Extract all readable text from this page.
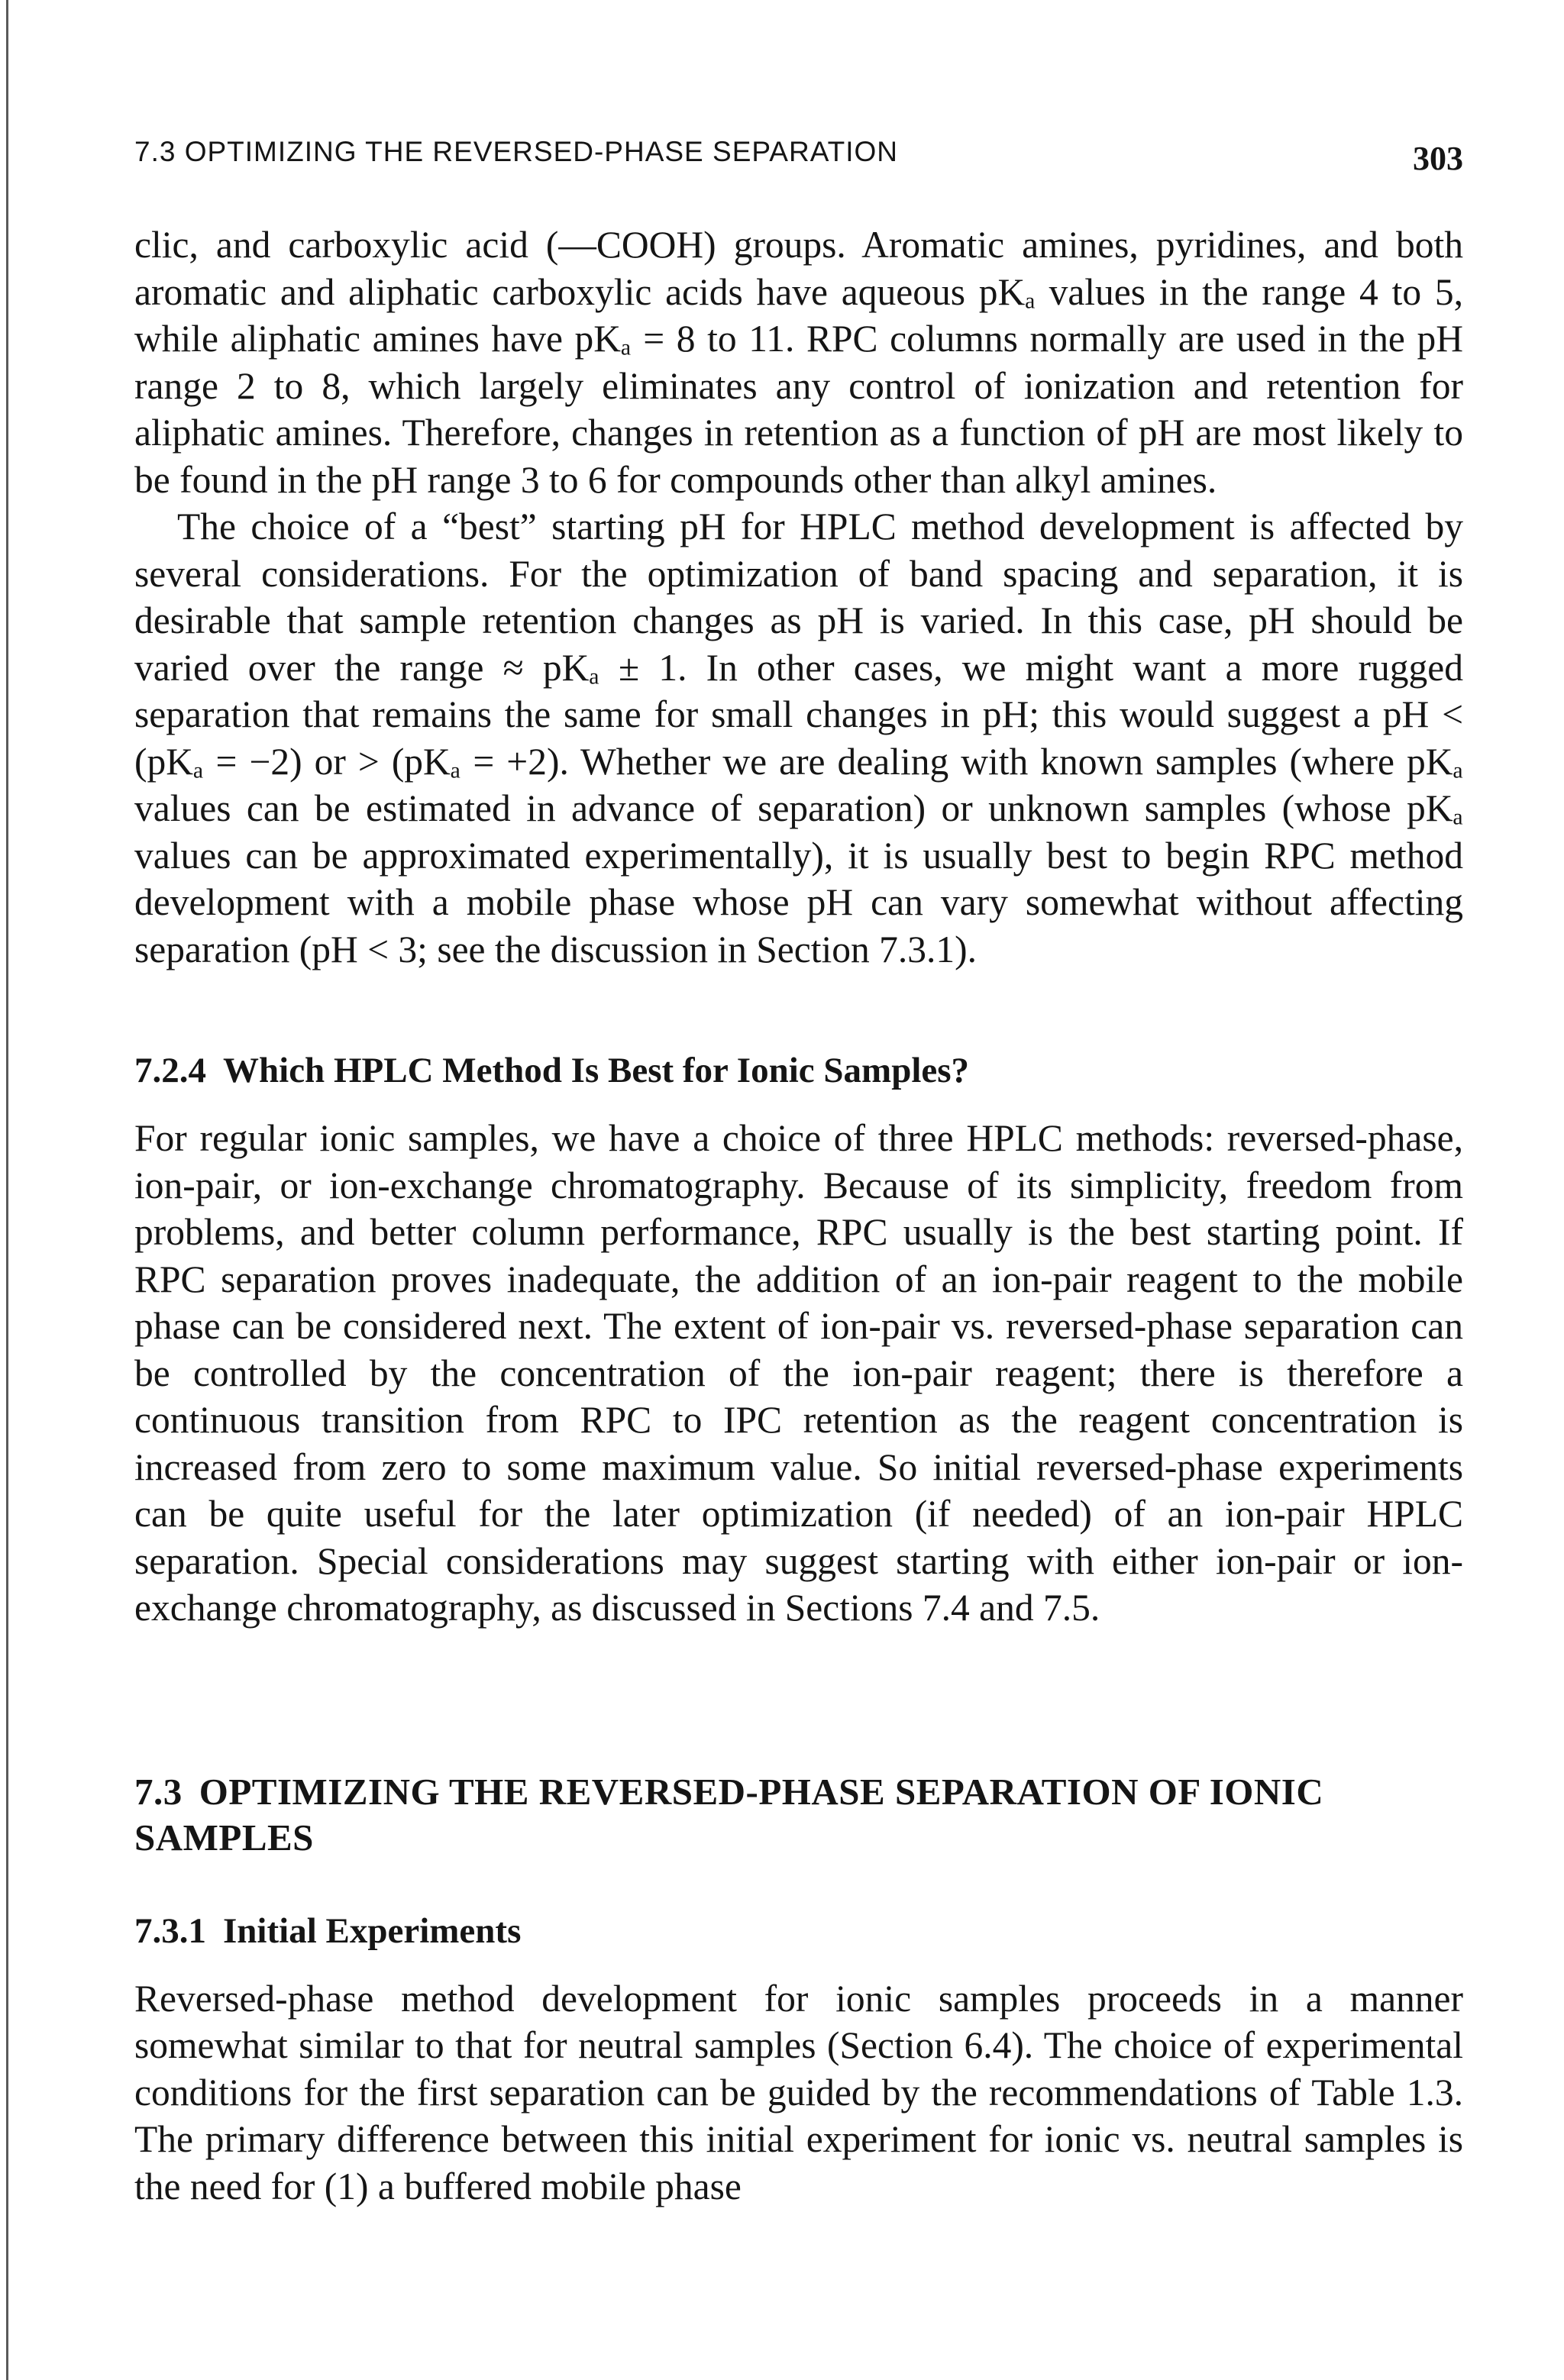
7.3 OPTIMIZING THE REVERSED-PHASE SEPARATION	303

clic, and carboxylic acid (—COOH) groups. Aromatic amines, pyridines, and both aromatic and aliphatic carboxylic acids have aqueous pKₐ values in the range 4 to 5, while aliphatic amines have pKₐ = 8 to 11. RPC columns normally are used in the pH range 2 to 8, which largely eliminates any control of ionization and retention for aliphatic amines. Therefore, changes in retention as a function of pH are most likely to be found in the pH range 3 to 6 for compounds other than alkyl amines.

The choice of a “best” starting pH for HPLC method development is affected by several considerations. For the optimization of band spacing and separation, it is desirable that sample retention changes as pH is varied. In this case, pH should be varied over the range ≈ pKₐ ± 1. In other cases, we might want a more rugged separation that remains the same for small changes in pH; this would suggest a pH < (pKₐ = −2) or > (pKₐ = +2). Whether we are dealing with known samples (where pKₐ values can be estimated in advance of separation) or unknown samples (whose pKₐ values can be approximated experimentally), it is usually best to begin RPC method development with a mobile phase whose pH can vary somewhat without affecting separation (pH < 3; see the discussion in Section 7.3.1).

7.2.4 Which HPLC Method Is Best for Ionic Samples?

For regular ionic samples, we have a choice of three HPLC methods: reversed-phase, ion-pair, or ion-exchange chromatography. Because of its simplicity, freedom from problems, and better column performance, RPC usually is the best starting point. If RPC separation proves inadequate, the addition of an ion-pair reagent to the mobile phase can be considered next. The extent of ion-pair vs. reversed-phase separation can be controlled by the concentration of the ion-pair reagent; there is therefore a continuous transition from RPC to IPC retention as the reagent concentration is increased from zero to some maximum value. So initial reversed-phase experiments can be quite useful for the later optimization (if needed) of an ion-pair HPLC separation. Special considerations may suggest starting with either ion-pair or ion-exchange chromatography, as discussed in Sections 7.4 and 7.5.

7.3 OPTIMIZING THE REVERSED-PHASE SEPARATION OF IONIC SAMPLES
7.3.1 Initial Experiments

Reversed-phase method development for ionic samples proceeds in a manner somewhat similar to that for neutral samples (Section 6.4). The choice of experimental conditions for the first separation can be guided by the recommendations of Table 1.3. The primary difference between this initial experiment for ionic vs. neutral samples is the need for (1) a buffered mobile phase
